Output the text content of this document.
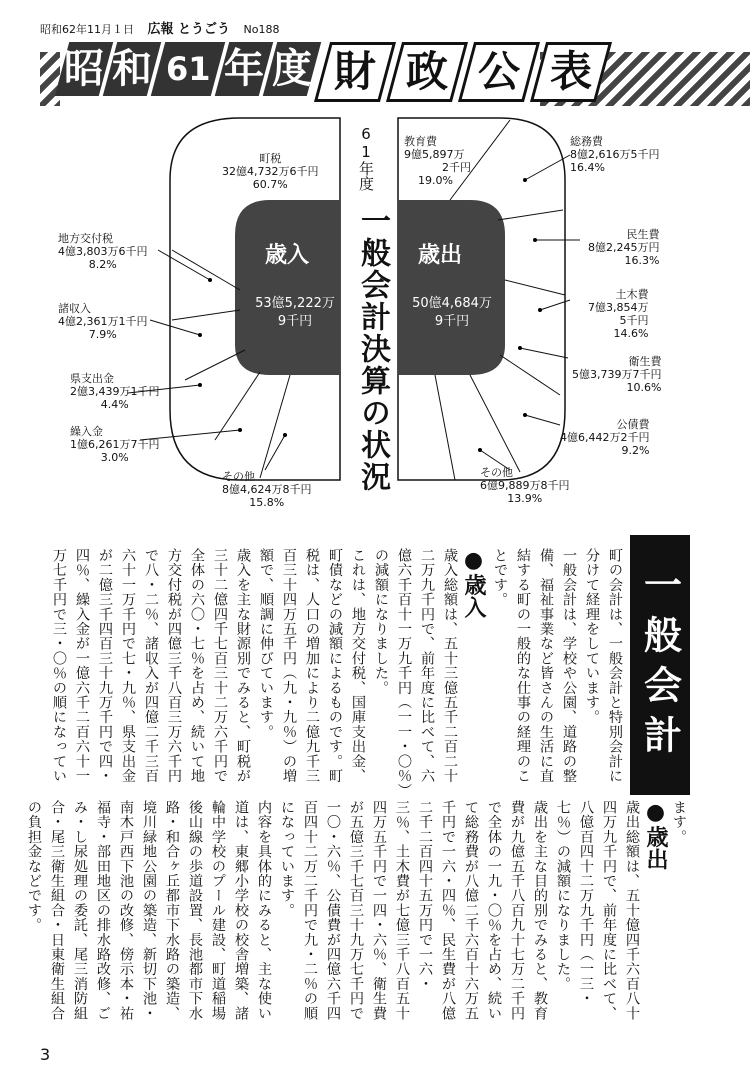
昭和62年11月１日 広報 とうごう No188
昭 和 61 年 度 財 政 公 表
61年度
一般会計決算の状況
歳入
53億5,222万
9千円
歳出
50億4,684万
9千円
町税
32億4,732万6千円
60.7%
地方交付税
4億3,803万6千円
8.2%
諸収入
4億2,361万1千円
7.9%
県支出金
2億3,439万1千円
4.4%
繰入金
1億6,261万7千円
3.0%
その他
8億4,624万8千円
15.8%
教育費
9億5,897万
2千円
19.0%
総務費
8億2,616万5千円
16.4%
民生費
8億2,245万円
16.3%
土木費
7億3,854万
5千円
14.6%
衛生費
5億3,739万7千円
10.6%
公債費
4億6,442万2千円
9.2%
その他
6億9,889万8千円
13.9%
一般会計
町の会計は、一般会計と特別会計に分けて経理をしています。
一般会計は、学校や公園、道路の整備、福祉事業など皆さんの生活に直結する町の一般的な仕事の経理のことです。
●歳入
歳入総額は、五十三億五千二百二十二万九千円で、前年度に比べて、六億六千百十一万九千円（一一・〇％）の減額になりました。
これは、地方交付税、国庫支出金、町債などの減額によるものです。町税は、人口の増加により二億九千三百三十四万五千円（九・九％）の増額で、順調に伸びています。
歳入を主な財源別でみると、町税が三十二億四千七百三十二万六千円で全体の六〇・七％を占め、続いて地方交付税が四億三千八百三万六千円で八・二％、諸収入が四億二千三百六十一万千円で七・九％、県支出金が二億三千四百三十九万千円で四・四％、繰入金が一億六千二百六十一万七千円で三・〇％の順になってい
ます。
●歳出
歳出総額は、五十億四千六百八十四万九千円で、前年度に比べて、八億百四十二万九千円（一三・七％）の減額になりました。
歳出を主な目的別でみると、教育費が九億五千八百九十七万二千円で全体の一九・〇％を占め、続いて総務費が八億二千六百十六万五千円で一六・四％、民生費が八億二千二百四十五万円で一六・三％、土木費が七億三千八百五十四万五千円で一四・六％、衛生費が五億三千七百三十九万七千円で一〇・六％、公債費が四億六千四百四十二万二千円で九・二％の順になっています。
内容を具体的にみると、主な使い道は、東郷小学校の校舎増築、諸輪中学校のプール建設、町道稲場後山線の歩道設置、長池都市下水路・和合ヶ丘都市下水路の築造、境川緑地公園の築造、新切下池・南木戸西下池の改修、傍示本・祐福寺・部田地区の排水路改修、ごみ・し尿処理の委託、尾三消防組合・尾三衛生組合・日東衛生組合の負担金などです。
3
